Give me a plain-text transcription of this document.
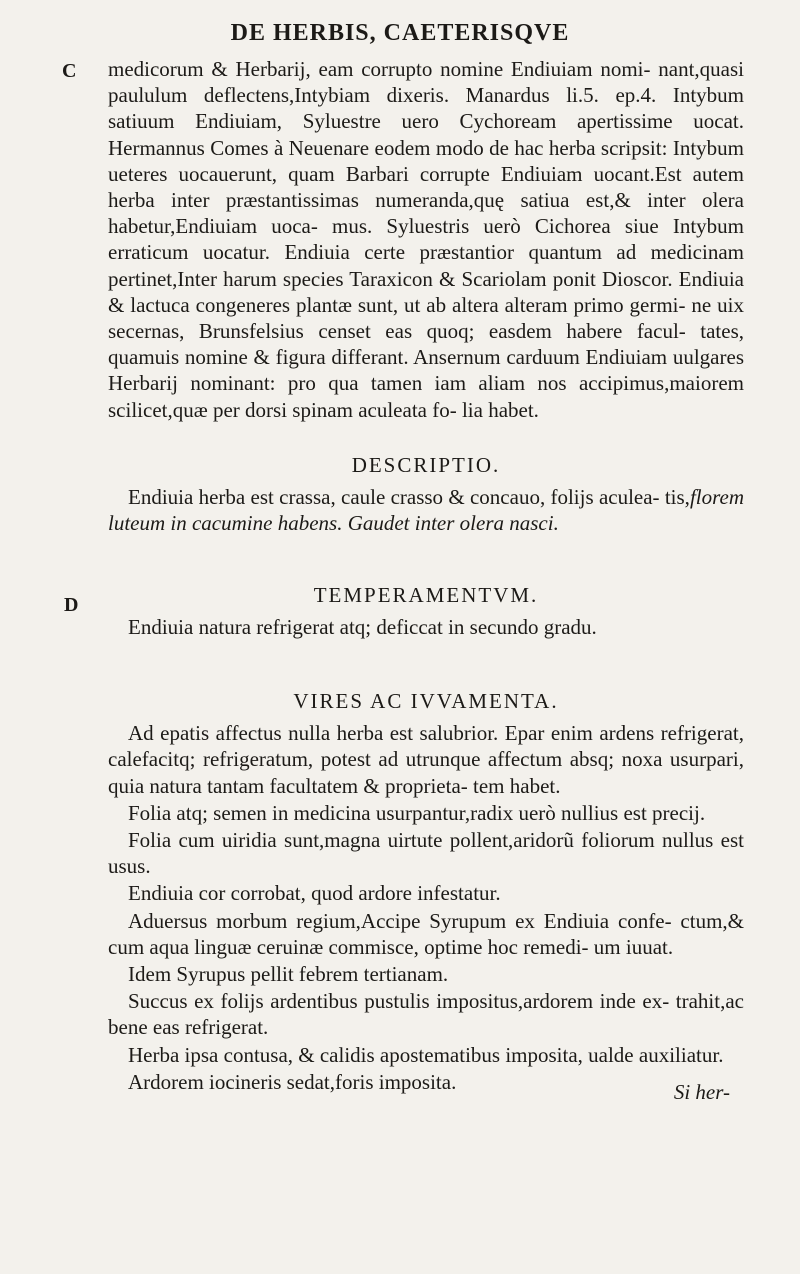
DE HERBIS, CAETERISQVE
C
D

medicorum & Herbarij, eam corrupto nomine Endiuiam nomi- nant,quasi paululum deflectens,Intybiam dixeris. Manardus li.5. ep.4. Intybum satiuum Endiuiam, Syluestre uero Cychoream apertissime uocat. Hermannus Comes à Neuenare eodem modo de hac herba scripsit: Intybum ueteres uocauerunt, quam Barbari corrupte Endiuiam uocant.Est autem herba inter præstantissimas numeranda,quę satiua est,& inter olera habetur,Endiuiam uoca- mus. Syluestris uerò Cichorea siue Intybum erraticum uocatur. Endiuia certe præstantior quantum ad medicinam pertinet,Inter harum species Taraxicon & Scariolam ponit Dioscor. Endiuia & lactuca congeneres plantæ sunt, ut ab altera alteram primo germi- ne uix secernas, Brunsfelsius censet eas quoq; easdem habere facul- tates, quamuis nomine & figura differant. Ansernum carduum Endiuiam uulgares Herbarij nominant: pro qua tamen iam aliam nos accipimus,maiorem scilicet,quæ per dorsi spinam aculeata fo- lia habet.

DESCRIPTIO.

Endiuia herba est crassa, caule crasso & concauo, folijs aculea- tis,florem luteum in cacumine habens. Gaudet inter olera nasci.

TEMPERAMENTVM.

Endiuia natura refrigerat atq; deficcat in secundo gradu.

VIRES AC IVVAMENTA.

Ad epatis affectus nulla herba est salubrior. Epar enim ardens refrigerat, calefacitq; refrigeratum, potest ad utrunque affectum absq; noxa usurpari, quia natura tantam facultatem & proprieta- tem habet.

Folia atq; semen in medicina usurpantur,radix uerò nullius est precij.

Folia cum uiridia sunt,magna uirtute pollent,aridorũ foliorum nullus est usus.

Endiuia cor corrobat, quod ardore infestatur.

Aduersus morbum regium,Accipe Syrupum ex Endiuia confe- ctum,& cum aqua linguæ ceruinæ commisce, optime hoc remedi- um iuuat.

Idem Syrupus pellit febrem tertianam.

Succus ex folijs ardentibus pustulis impositus,ardorem inde ex- trahit,ac bene eas refrigerat.

Herba ipsa contusa, & calidis apostematibus imposita, ualde auxiliatur.

Ardorem iocineris sedat,foris imposita.	Si her-
